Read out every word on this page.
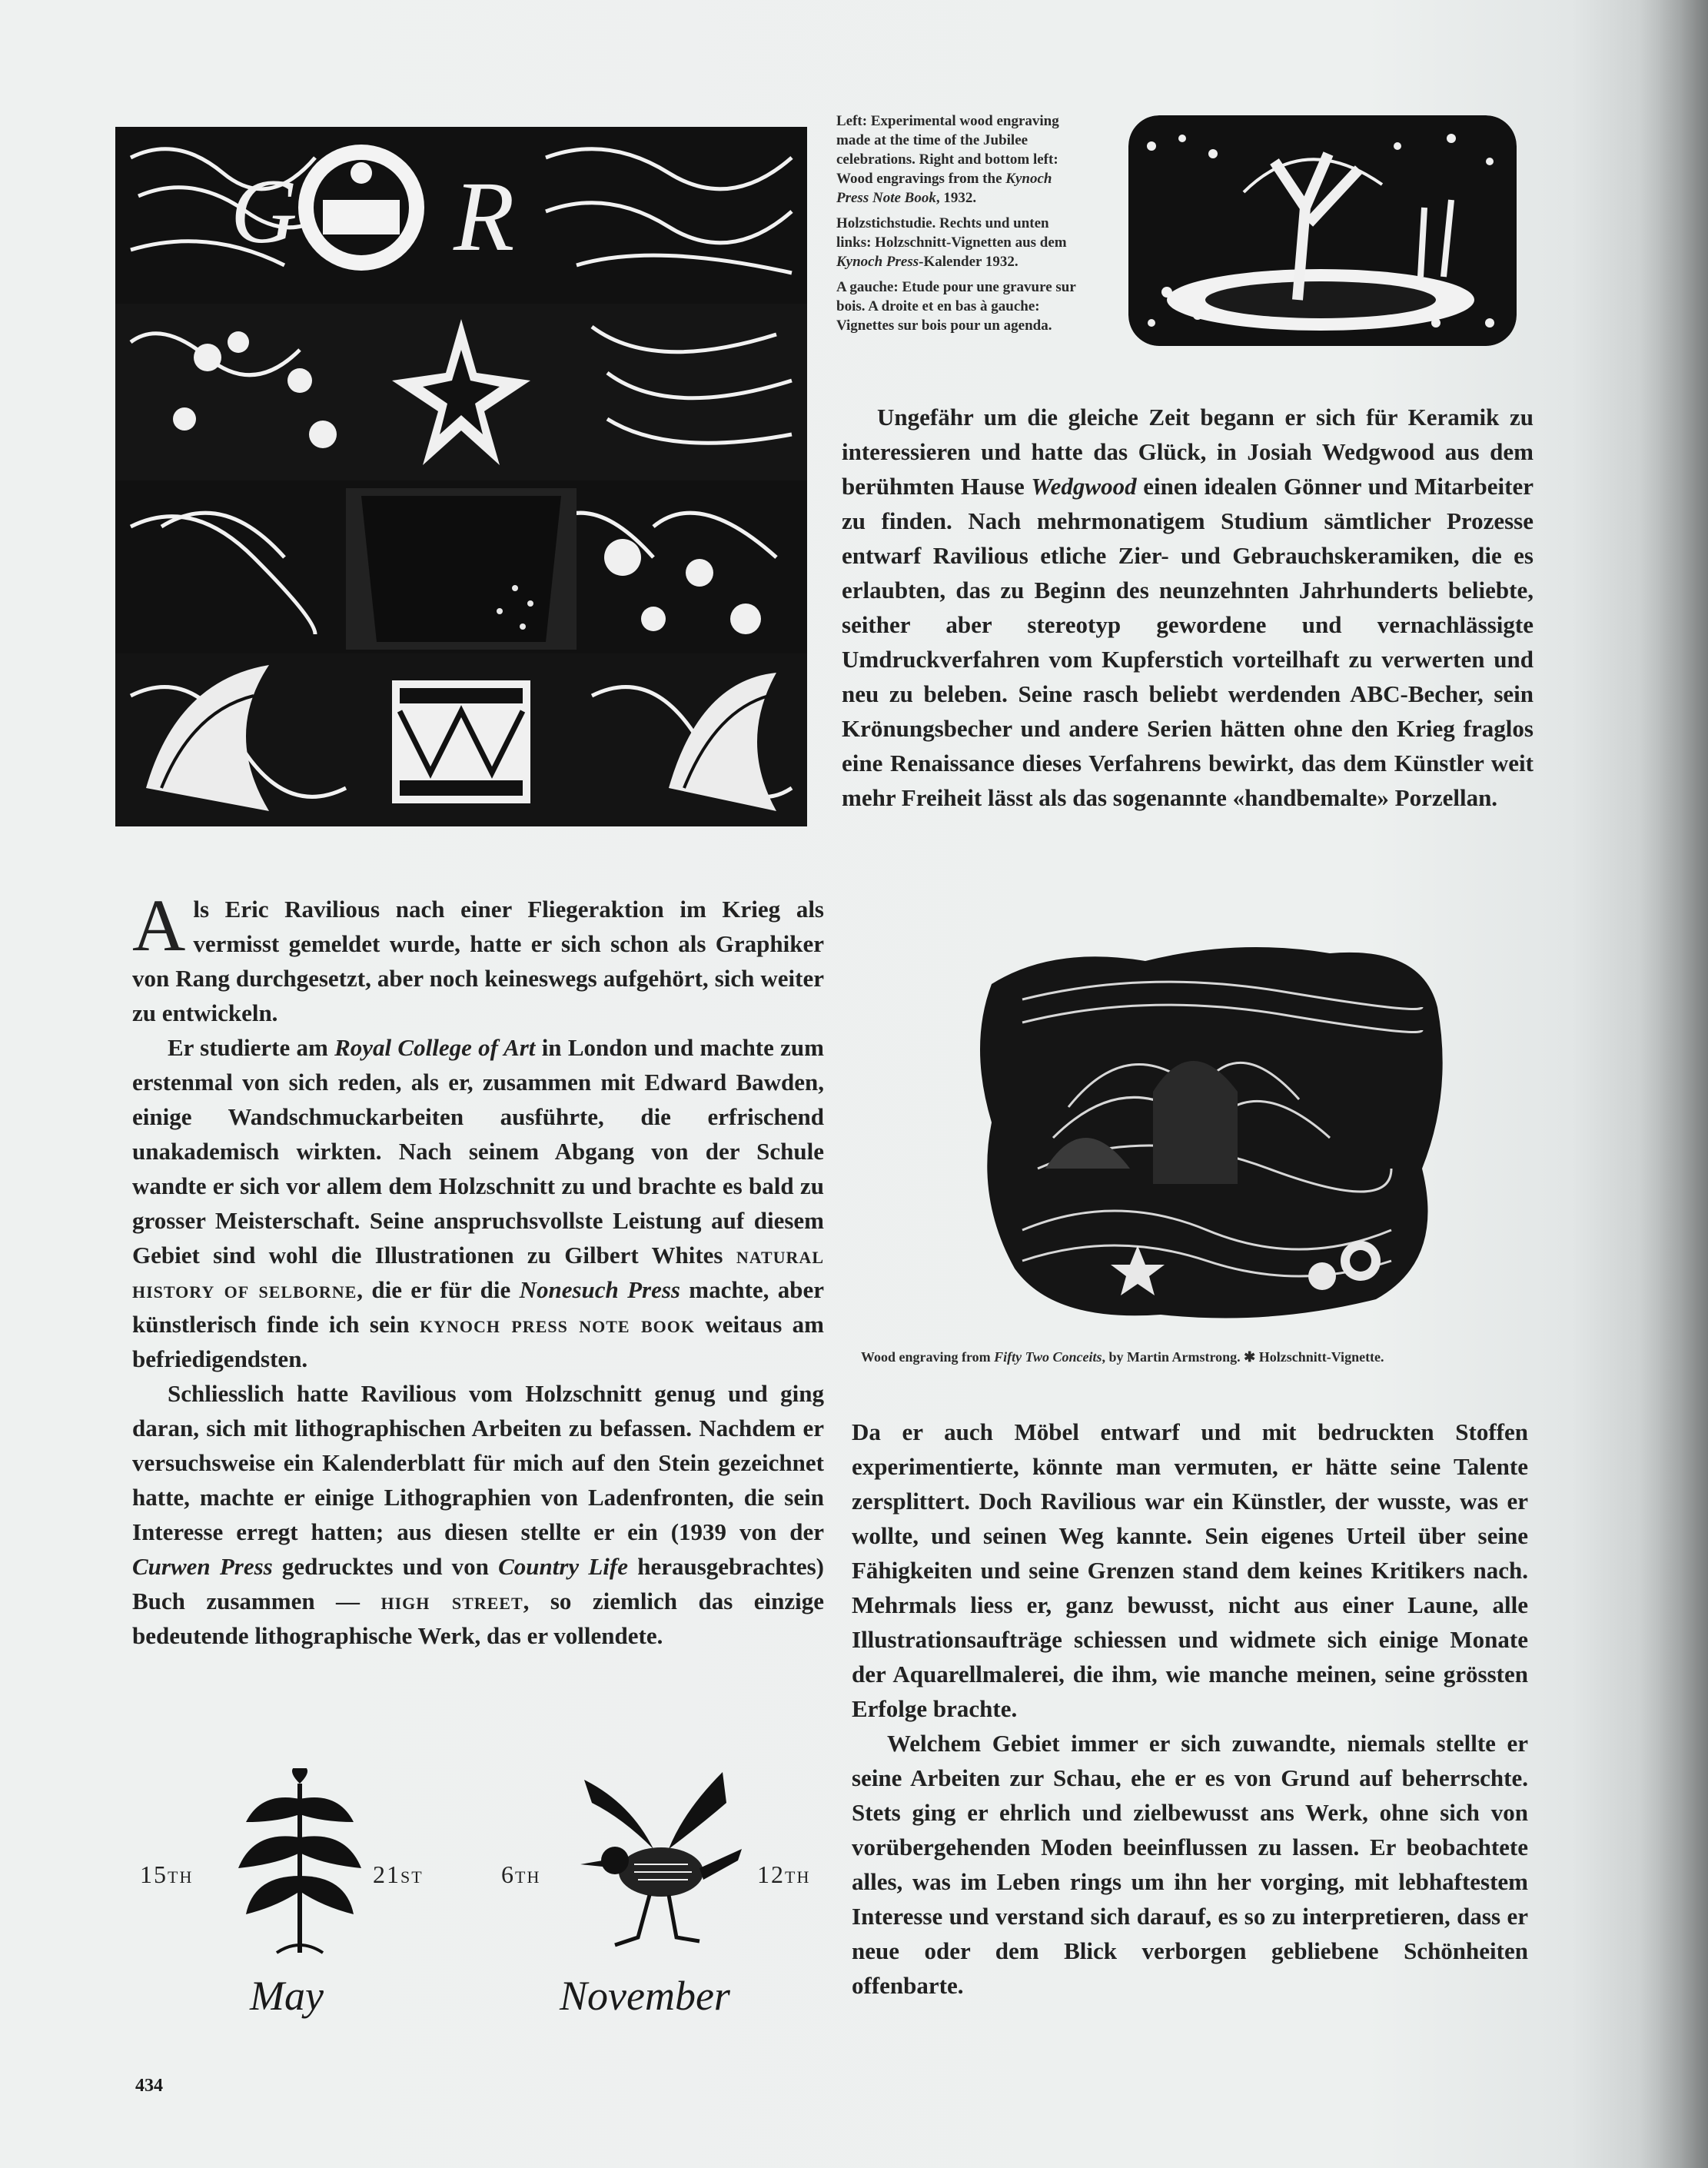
G R

Left: Experimental wood engraving made at the time of the Jubilee celebrations. Right and bottom left: Wood engravings from the Kynoch Press Note Book, 1932.

Holzstichstudie. Rechts und unten links: Holzschnitt-Vignetten aus dem Kynoch Press-Kalender 1932.

A gauche: Etude pour une gravure sur bois. A droite et en bas à gauche: Vignettes sur bois pour un agenda.

Ungefähr um die gleiche Zeit begann er sich für Keramik zu interessieren und hatte das Glück, in Josiah Wedgwood aus dem berühmten Hause Wedgwood einen idealen Gönner und Mitarbeiter zu finden. Nach mehrmonatigem Studium sämtlicher Prozesse entwarf Ravilious etliche Zier- und Gebrauchskeramiken, die es erlaubten, das zu Beginn des neunzehnten Jahrhunderts beliebte, seither aber stereotyp gewordene und vernachlässigte Umdruckverfahren vom Kupferstich vorteilhaft zu verwerten und neu zu beleben. Seine rasch beliebt werdenden ABC-Becher, sein Krönungsbecher und andere Serien hätten ohne den Krieg fraglos eine Renaissance dieses Verfahrens bewirkt, das dem Künstler weit mehr Freiheit lässt als das sogenannte «handbemalte» Porzellan.

Wood engraving from Fifty Two Conceits, by Martin Armstrong. ✱ Holzschnitt-Vignette.

Als Eric Ravilious nach einer Fliegeraktion im Krieg als vermisst gemeldet wurde, hatte er sich schon als Graphiker von Rang durchgesetzt, aber noch keineswegs aufgehört, sich weiter zu entwickeln.

Er studierte am Royal College of Art in London und machte zum erstenmal von sich reden, als er, zusammen mit Edward Bawden, einige Wandschmuckarbeiten ausführte, die erfrischend unakademisch wirkten. Nach seinem Abgang von der Schule wandte er sich vor allem dem Holzschnitt zu und brachte es bald zu grosser Meisterschaft. Seine anspruchsvollste Leistung auf diesem Gebiet sind wohl die Illustrationen zu Gilbert Whites natural history of selborne, die er für die Nonesuch Press machte, aber künstlerisch finde ich sein kynoch press note book weitaus am befriedigendsten.

Schliesslich hatte Ravilious vom Holzschnitt genug und ging daran, sich mit lithographischen Arbeiten zu befassen. Nachdem er versuchsweise ein Kalenderblatt für mich auf den Stein gezeichnet hatte, machte er einige Lithographien von Ladenfronten, die sein Interesse erregt hatten; aus diesen stellte er ein (1939 von der Curwen Press gedrucktes und von Country Life herausgebrachtes) Buch zusammen — high street, so ziemlich das einzige bedeutende lithographische Werk, das er vollendete.

Da er auch Möbel entwarf und mit bedruckten Stoffen experimentierte, könnte man vermuten, er hätte seine Talente zersplittert. Doch Ravilious war ein Künstler, der wusste, was er wollte, und seinen Weg kannte. Sein eigenes Urteil über seine Fähigkeiten und seine Grenzen stand dem keines Kritikers nach. Mehrmals liess er, ganz bewusst, nicht aus einer Laune, alle Illustrationsaufträge schiessen und widmete sich einige Monate der Aquarellmalerei, die ihm, wie manche meinen, seine grössten Erfolge brachte.

Welchem Gebiet immer er sich zuwandte, niemals stellte er seine Arbeiten zur Schau, ehe er es von Grund auf beherrschte. Stets ging er ehrlich und zielbewusst ans Werk, ohne sich von vorübergehenden Moden beeinflussen zu lassen. Er beobachtete alles, was im Leben rings um ihn her vorging, mit lebhaftestem Interesse und verstand sich darauf, es so zu interpretieren, dass er neue oder dem Blick verborgen gebliebene Schönheiten offenbarte.

15TH	21ST	6TH	12TH
May	November
434
